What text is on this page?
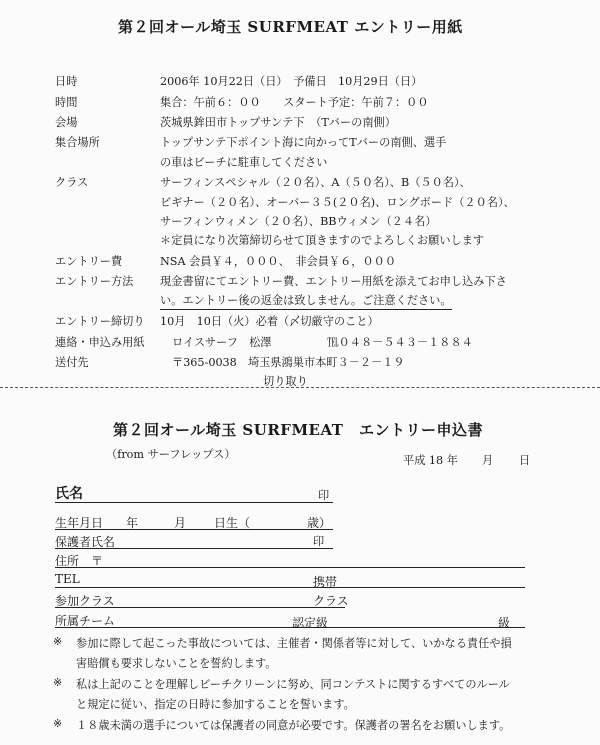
第２回オール埼玉 SURFMEAT エントリー用紙
日時	2006年 10月22日（日）　予備日　10月29日（日）
時間	集合：午前６：００　　スタート予定：午前７：００
会場	茨城県鉾田市トップサンテ下　（Tバーの南側）
集合場所	トップサンテ下ポイント海に向かってTバーの南側、選手
の車はビーチに駐車してください
クラス	サーフィンスペシャル（２０名）、A（５０名）、B（５０名）、
ビギナー（２０名）、オーバー３５(２０名)、ロングボード（２０名）、
サーフィンウィメン（２０名）、BBウィメン（２４名）
＊定員になり次第締切らせて頂きますのでよろしくお願いします
エントリー費	NSA 会員￥４，０００、　非会員￥６，０００
エントリー方法 現金書留にてエントリー費、エントリー用紙を添えてお申し込み下さ
い。エントリー後の返金は致しません。ご注意ください。
エントリー締切り 10月　10日（火）必着（〆切厳守のこと）
連絡・申込み用紙 ロイスサーフ　松澤　　　　　℡０４８－５４３－１８８４
送付先	〒365-0038　埼玉県鴻巣市本町３－２－１９
切り取り
第２回オール埼玉 SURFMEAT　エントリー申込書
（from サーフレップス）	平成 18 年 月 日
氏名	印
生年月日 年	月 日生（	歳）
保護者氏名	印
住所　〒
TEL	携帯
参加クラス	クラス
所属チーム	認定級	級
※ 参加に際して起こった事故については、主催者・関係者等に対して、いかなる責任や損
害賠償も要求しないことを誓約します。
※ 私は上記のことを理解しビーチクリーンに努め、同コンテストに関するすべてのルール
と規定に従い、指定の日時に参加することを誓います。
※ １８歳未満の選手については保護者の同意が必要です。保護者の署名をお願いします。
